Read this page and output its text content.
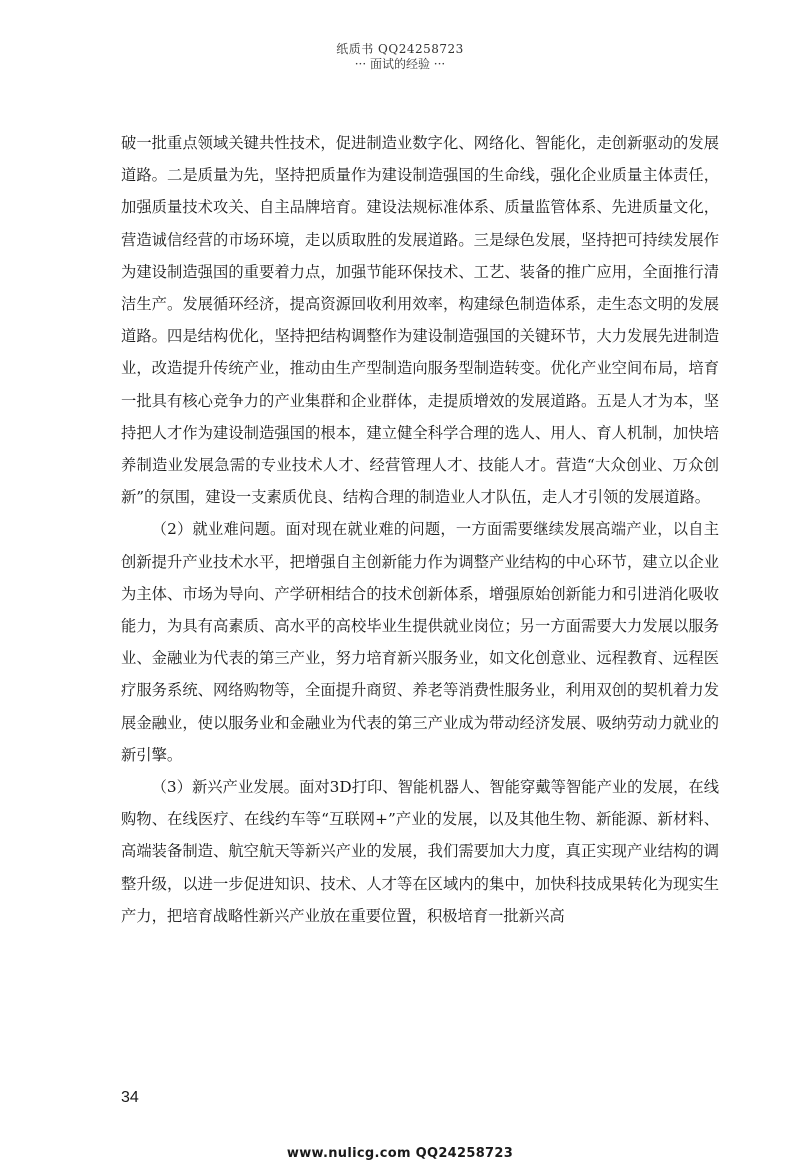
纸质书 QQ24258723
··· 面试的经验 ···

破一批重点领域关键共性技术，促进制造业数字化、网络化、智能化，走创新驱动的发展道路。二是质量为先，坚持把质量作为建设制造强国的生命线，强化企业质量主体责任，加强质量技术攻关、自主品牌培育。建设法规标准体系、质量监管体系、先进质量文化，营造诚信经营的市场环境，走以质取胜的发展道路。三是绿色发展，坚持把可持续发展作为建设制造强国的重要着力点，加强节能环保技术、工艺、装备的推广应用，全面推行清洁生产。发展循环经济，提高资源回收利用效率，构建绿色制造体系，走生态文明的发展道路。四是结构优化，坚持把结构调整作为建设制造强国的关键环节，大力发展先进制造业，改造提升传统产业，推动由生产型制造向服务型制造转变。优化产业空间布局，培育一批具有核心竞争力的产业集群和企业群体，走提质增效的发展道路。五是人才为本，坚持把人才作为建设制造强国的根本，建立健全科学合理的选人、用人、育人机制，加快培养制造业发展急需的专业技术人才、经营管理人才、技能人才。营造“大众创业、万众创新”的氛围，建设一支素质优良、结构合理的制造业人才队伍，走人才引领的发展道路。

（2）就业难问题。面对现在就业难的问题，一方面需要继续发展高端产业，以自主创新提升产业技术水平，把增强自主创新能力作为调整产业结构的中心环节，建立以企业为主体、市场为导向、产学研相结合的技术创新体系，增强原始创新能力和引进消化吸收能力，为具有高素质、高水平的高校毕业生提供就业岗位；另一方面需要大力发展以服务业、金融业为代表的第三产业，努力培育新兴服务业，如文化创意业、远程教育、远程医疗服务系统、网络购物等，全面提升商贸、养老等消费性服务业，利用双创的契机着力发展金融业，使以服务业和金融业为代表的第三产业成为带动经济发展、吸纳劳动力就业的新引擎。

（3）新兴产业发展。面对3D打印、智能机器人、智能穿戴等智能产业的发展，在线购物、在线医疗、在线约车等“互联网+”产业的发展，以及其他生物、新能源、新材料、高端装备制造、航空航天等新兴产业的发展，我们需要加大力度，真正实现产业结构的调整升级，以进一步促进知识、技术、人才等在区域内的集中，加快科技成果转化为现实生产力，把培育战略性新兴产业放在重要位置，积极培育一批新兴高

34
www.nulicg.com QQ24258723
